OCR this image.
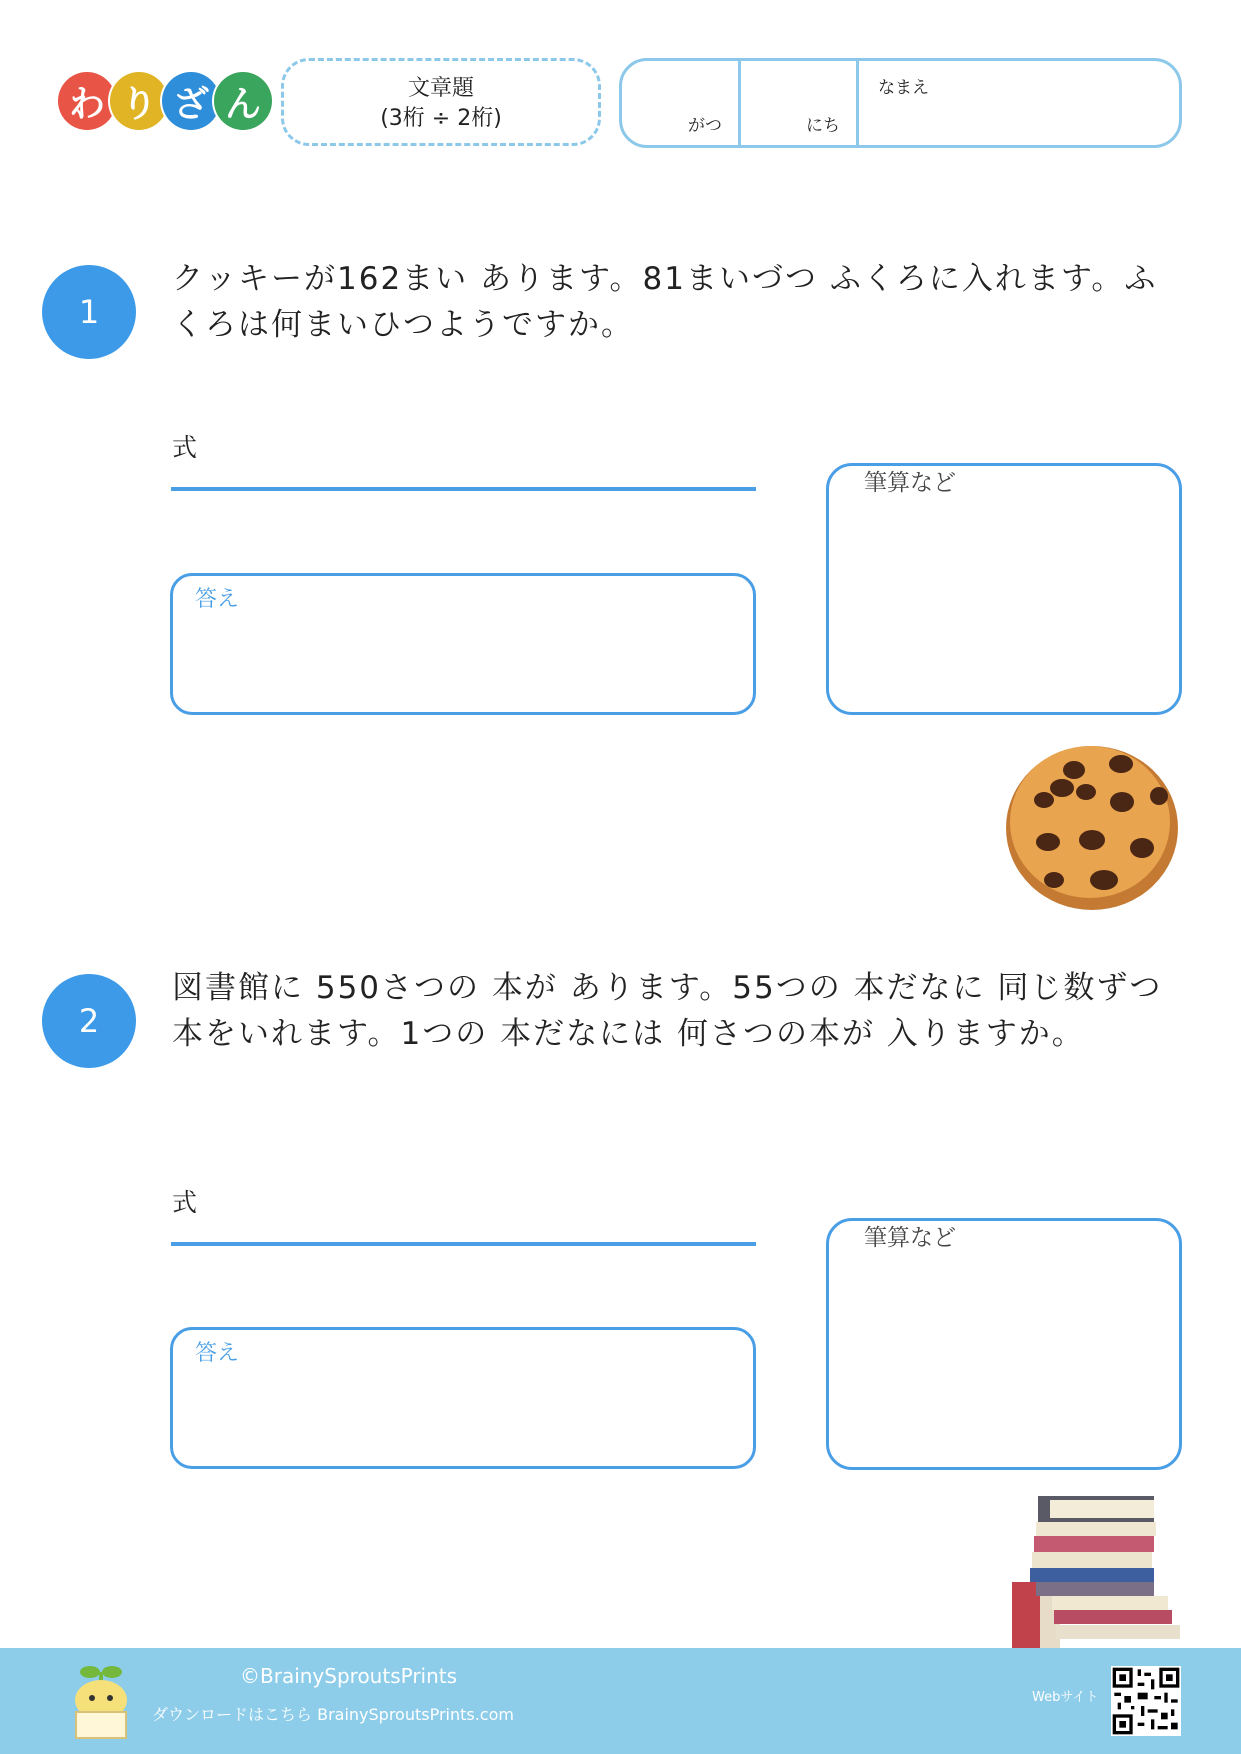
わ り ざ ん	文章題
(3桁 ÷ 2桁)	がつ	にち
なまえ
1
クッキーが162まい あります。81まいづつ ふくろに入れます。ふくろは何まいひつようですか。
式
答え
筆算など
2
図書館に 550さつの 本が あります。55つの 本だなに 同じ数ずつ 本をいれます。1つの 本だなには 何さつの本が 入りますか。
式
答え
筆算など
©BrainySproutsPrints
ダウンロードはこちら BrainySproutsPrints.com
Webサイト
